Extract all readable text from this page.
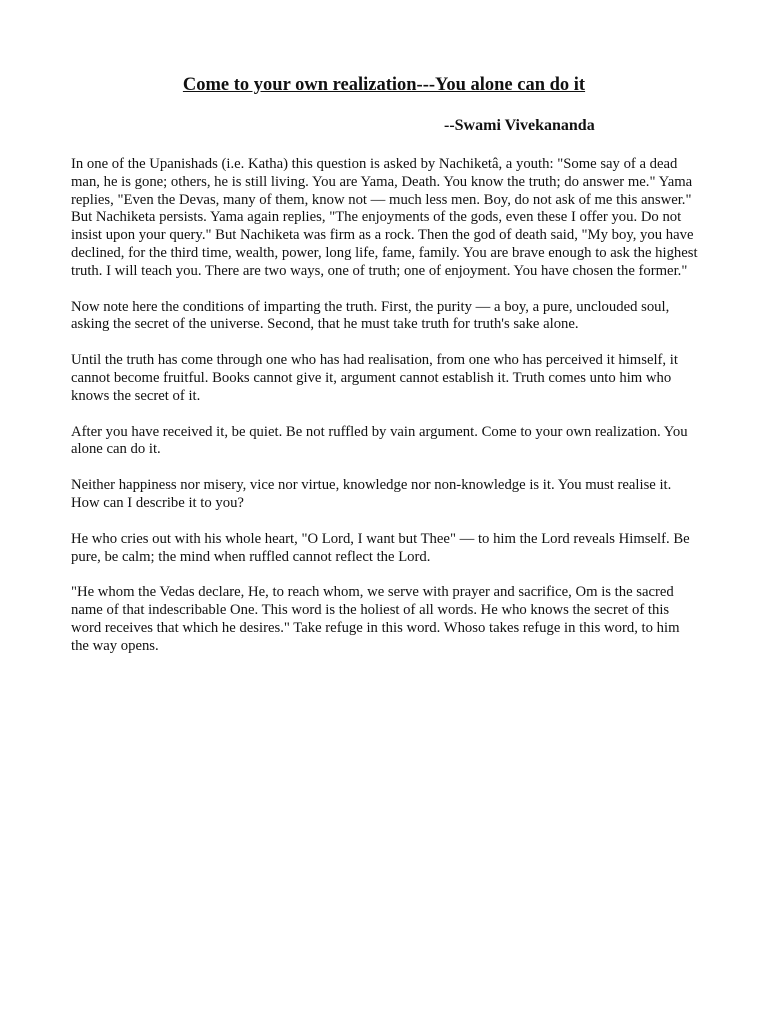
Come to your own realization---You alone can do it
--Swami Vivekananda

In one of the Upanishads (i.e. Katha) this question is asked by Nachiketâ, a youth: "Some say of a dead man, he is gone; others, he is still living. You are Yama, Death. You know the truth; do answer me." Yama replies, "Even the Devas, many of them, know not — much less men. Boy, do not ask of me this answer." But Nachiketa persists. Yama again replies, "The enjoyments of the gods, even these I offer you. Do not insist upon your query." But Nachiketa was firm as a rock. Then the god of death said, "My boy, you have declined, for the third time, wealth, power, long life, fame, family. You are brave enough to ask the highest truth. I will teach you. There are two ways, one of truth; one of enjoyment. You have chosen the former."

Now note here the conditions of imparting the truth. First, the purity — a boy, a pure, unclouded soul, asking the secret of the universe. Second, that he must take truth for truth's sake alone.

Until the truth has come through one who has had realisation, from one who has perceived it himself, it cannot become fruitful. Books cannot give it, argument cannot establish it. Truth comes unto him who knows the secret of it.

After you have received it, be quiet. Be not ruffled by vain argument. Come to your own realization. You alone can do it.

Neither happiness nor misery, vice nor virtue, knowledge nor non-knowledge is it. You must realise it. How can I describe it to you?

He who cries out with his whole heart, "O Lord, I want but Thee" — to him the Lord reveals Himself. Be pure, be calm; the mind when ruffled cannot reflect the Lord.

"He whom the Vedas declare, He, to reach whom, we serve with prayer and sacrifice, Om is the sacred name of that indescribable One. This word is the holiest of all words. He who knows the secret of this word receives that which he desires." Take refuge in this word. Whoso takes refuge in this word, to him the way opens.
